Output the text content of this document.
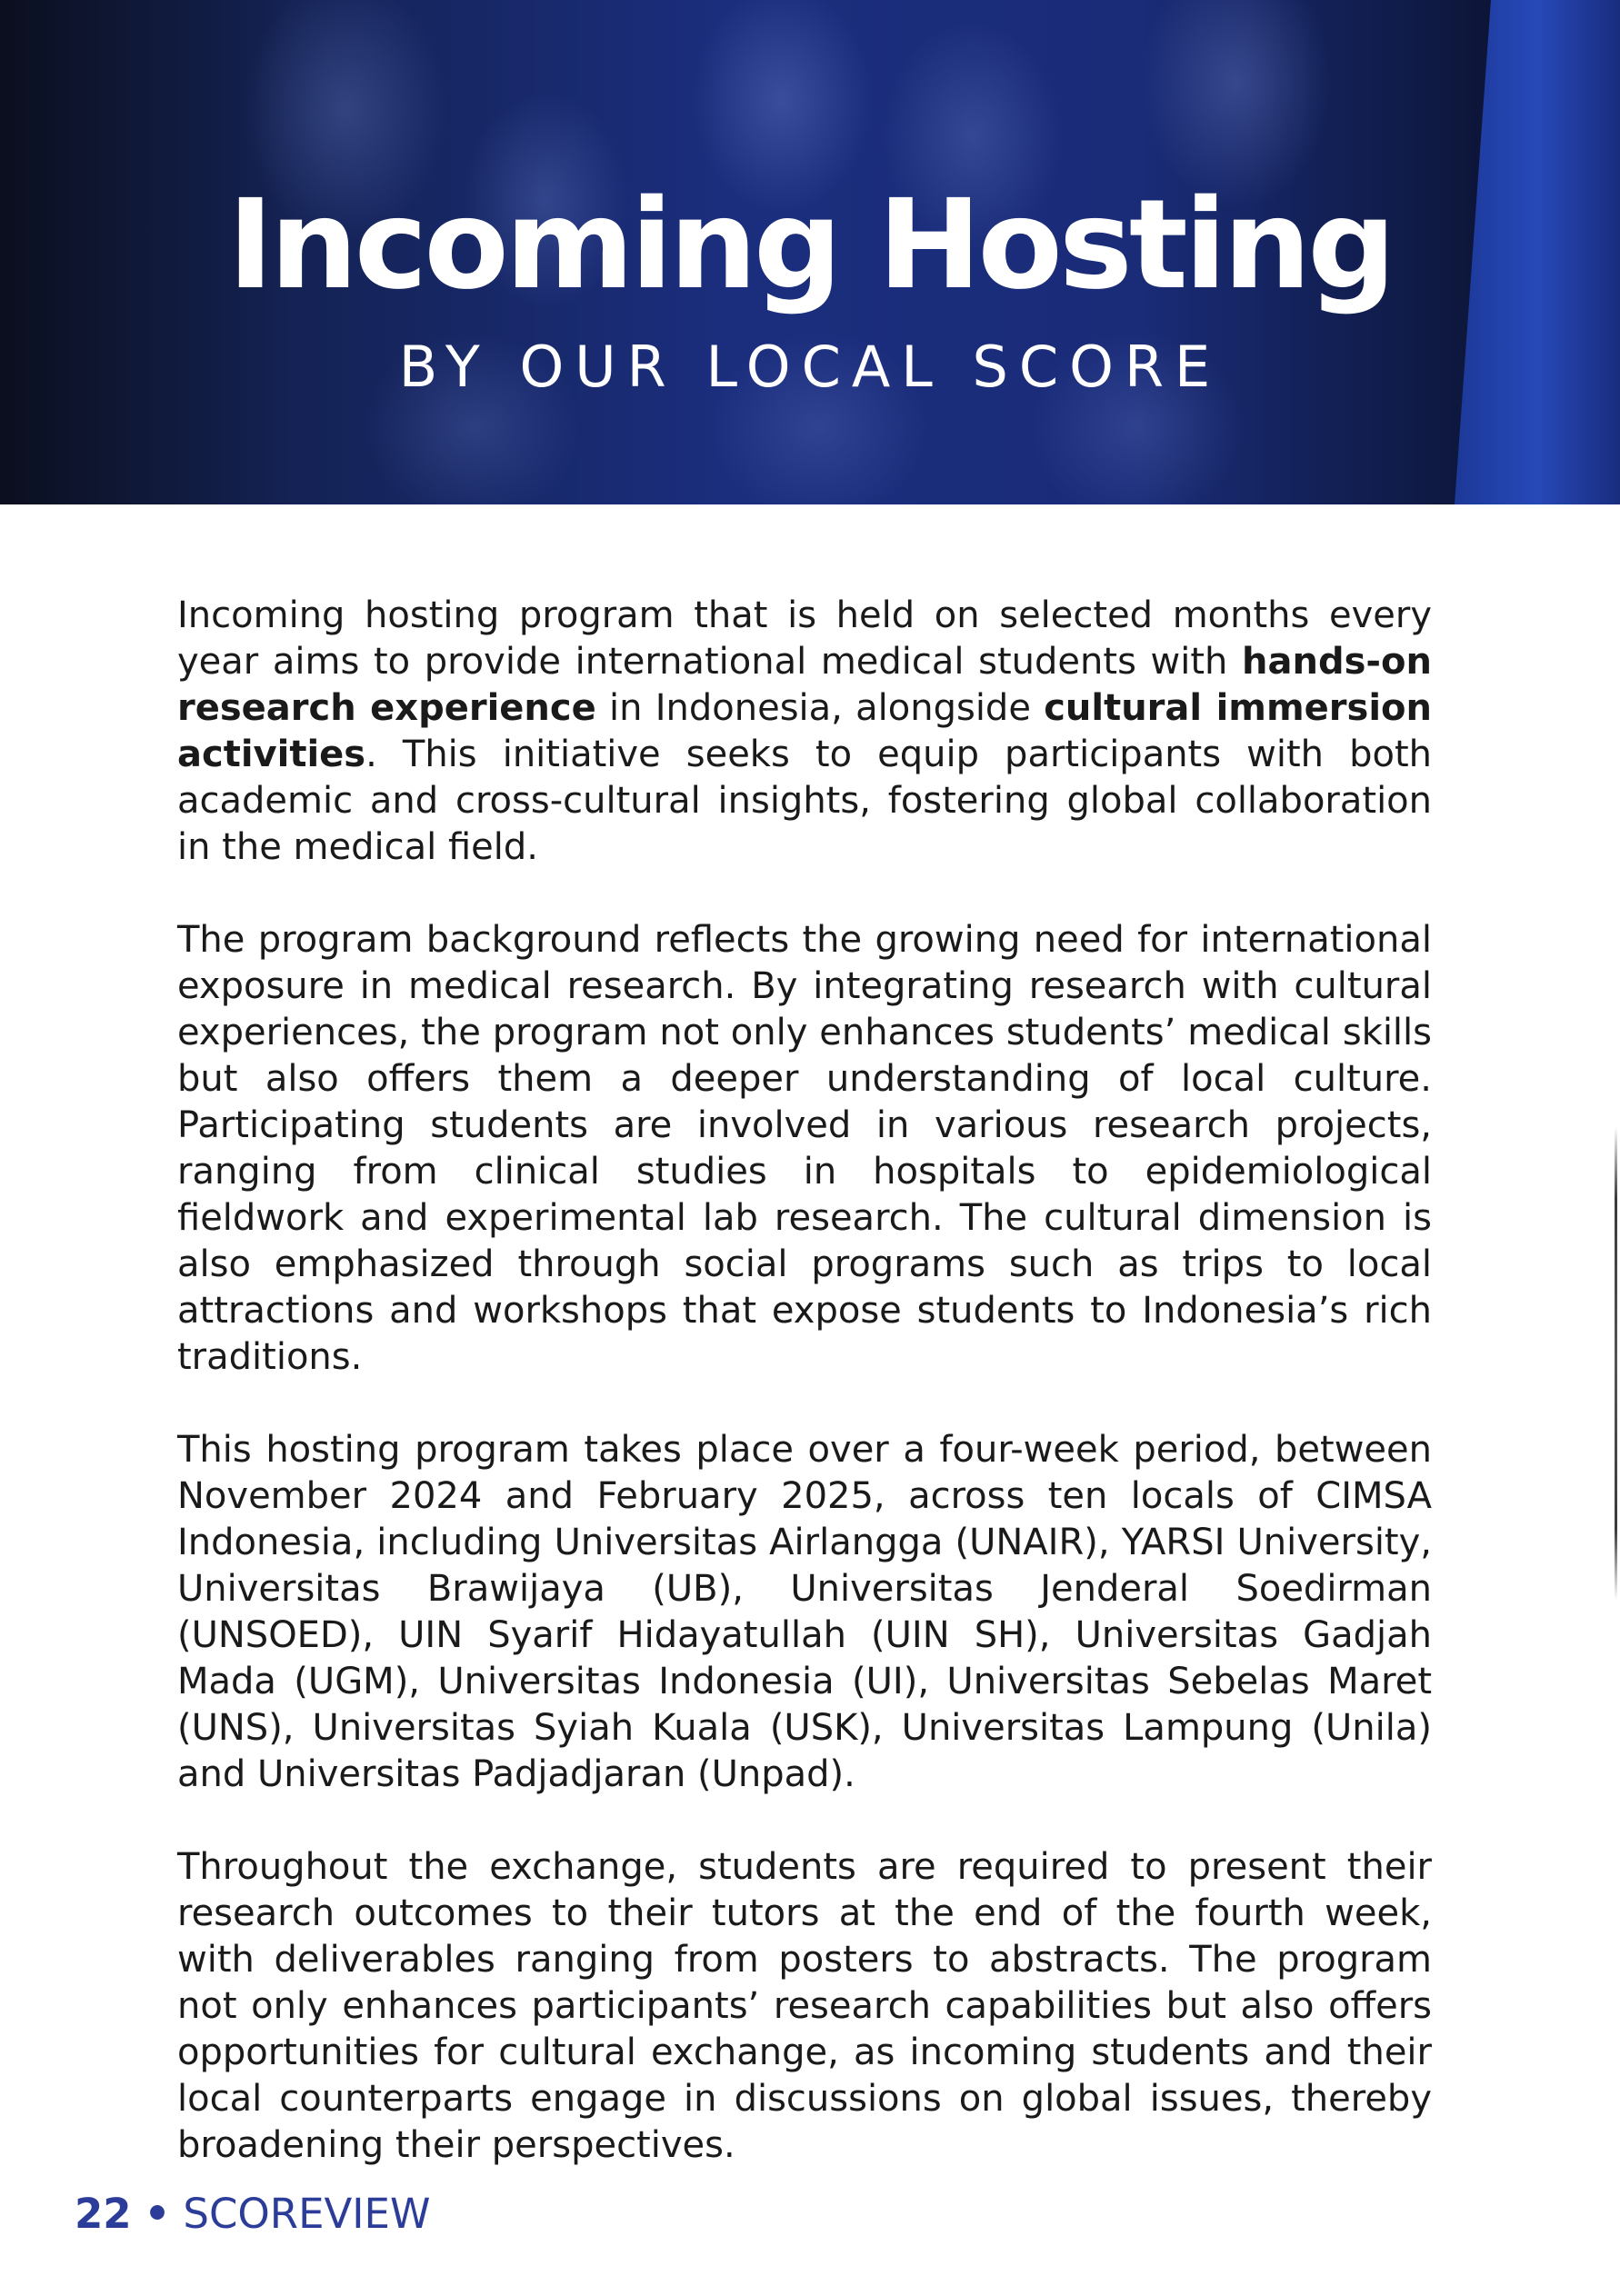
Incoming Hosting
BY OUR LOCAL SCORE

Incoming hosting program that is held on selected months every year aims to provide international medical students with hands-on research experience in Indonesia, alongside cultural immersion activities. This initiative seeks to equip participants with both academic and cross-cultural insights, fostering global collaboration in the medical field.

The program background reflects the growing need for international exposure in medical research. By integrating research with cultural experiences, the program not only enhances students’ medical skills but also offers them a deeper understanding of local culture. Participating students are involved in various research projects, ranging from clinical studies in hospitals to epidemiological fieldwork and experimental lab research. The cultural dimension is also emphasized through social programs such as trips to local attractions and workshops that expose students to Indonesia’s rich traditions.

This hosting program takes place over a four-week period, between November 2024 and February 2025, across ten locals of CIMSA Indonesia, including Universitas Airlangga (UNAIR), YARSI University, Universitas Brawijaya (UB), Universitas Jenderal Soedirman (UNSOED), UIN Syarif Hidayatullah (UIN SH), Universitas Gadjah Mada (UGM), Universitas Indonesia (UI), Universitas Sebelas Maret (UNS), Universitas Syiah Kuala (USK), Universitas Lampung (Unila) and Universitas Padjadjaran (Unpad).

Throughout the exchange, students are required to present their research outcomes to their tutors at the end of the fourth week, with deliverables ranging from posters to abstracts. The program not only enhances participants’ research capabilities but also offers opportunities for cultural exchange, as incoming students and their local counterparts engage in discussions on global issues, thereby broadening their perspectives.

22 • SCOREVIEW
